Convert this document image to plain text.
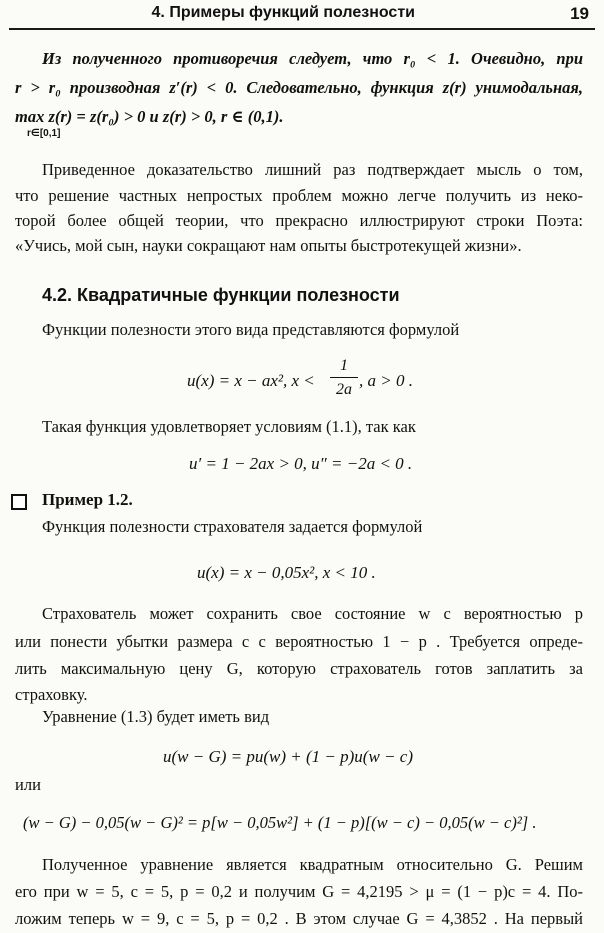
4. Примеры функций полезности	19
Из полученного противоречия следует, что r₀ < 1. Очевидно, при
r > r₀ производная z′(r) < 0. Следовательно, функция z(r) унимодальная,
max z(r) = z(r₀) > 0 и z(r) > 0, r ∈ (0,1).
r∈[0,1]
Приведенное доказательство лишний раз подтверждает мысль о том,
что решение частных непростых проблем можно легче получить из неко-
торой более общей теории, что прекрасно иллюстрируют строки Поэта:
«Учись, мой сын, науки сокращают нам опыты быстротекущей жизни».
4.2. Квадратичные функции полезности
Функции полезности этого вида представляются формулой
u(x) = x − ax², x <
1
2a , a > 0 .
Такая функция удовлетворяет условиям (1.1), так как
u′ = 1 − 2ax > 0, u″ = −2a < 0 .
Пример 1.2.
Функция полезности страхователя задается формулой
u(x) = x − 0,05x², x < 10 .
Страхователь может сохранить свое состояние w с вероятностью p
или понести убытки размера c с вероятностью 1 − p . Требуется опреде-
лить максимальную цену G, которую страхователь готов заплатить за
страховку.
Уравнение (1.3) будет иметь вид
u(w − G) = pu(w) + (1 − p)u(w − c)
или
(w − G) − 0,05(w − G)² = p[w − 0,05w²] + (1 − p)[(w − c) − 0,05(w − c)²] .
Полученное уравнение является квадратным относительно G. Решим
его при w = 5, c = 5, p = 0,2 и получим G = 4,2195 > μ = (1 − p)c = 4. По-
ложим теперь w = 9, c = 5, p = 0,2 . В этом случае G = 4,3852 . На первый
